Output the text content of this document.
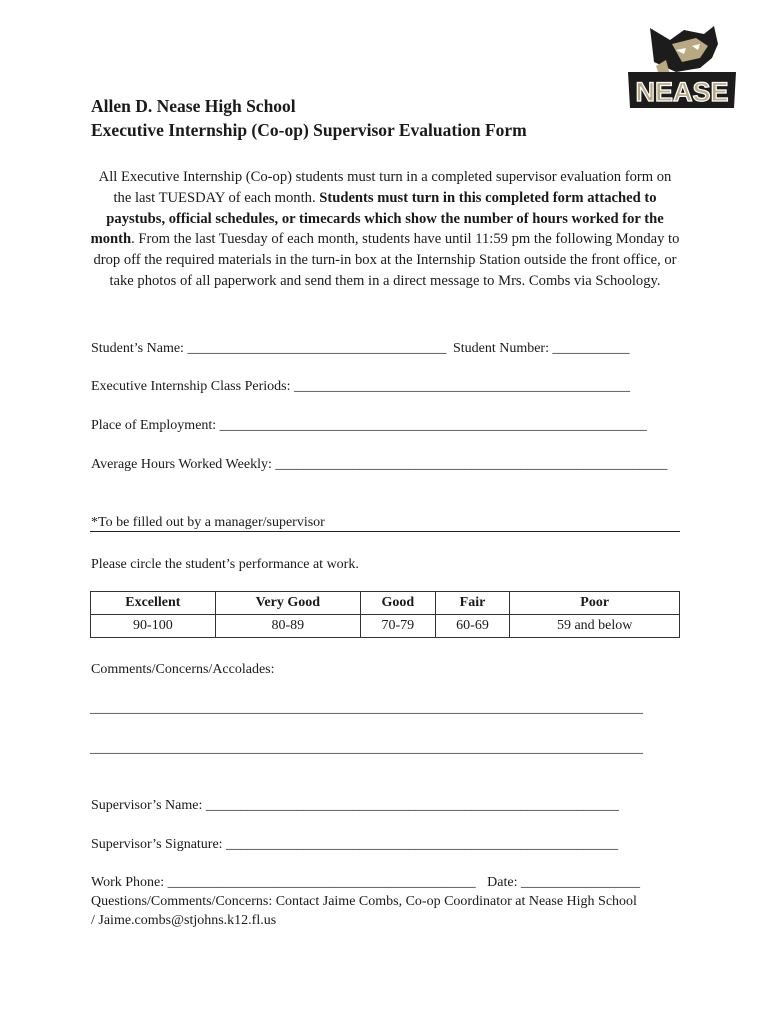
NEASE
Allen D. Nease High School
Executive Internship (Co-op) Supervisor Evaluation Form
All Executive Internship (Co-op) students must turn in a completed supervisor evaluation form on the last TUESDAY of each month. Students must turn in this completed form attached to paystubs, official schedules, or timecards which show the number of hours worked for the month. From the last Tuesday of each month, students have until 11:59 pm the following Monday to drop off the required materials in the turn-in box at the Internship Station outside the front office, or take photos of all paperwork and send them in a direct message to Mrs. Combs via Schoology.
Student’s Name: _____________________________________ Student Number: ___________
Executive Internship Class Periods: ________________________________________________
Place of Employment: _____________________________________________________________
Average Hours Worked Weekly: ________________________________________________________
*To be filled out by a manager/supervisor
Please circle the student’s performance at work.
Excellent	Very Good	Good	Fair	Poor
90-100	80-89	70-79	60-69	59 and below
Comments/Concerns/Accolades:
_______________________________________________________________________________
_______________________________________________________________________________
Supervisor’s Name: ___________________________________________________________
Supervisor’s Signature: ________________________________________________________
Work Phone: ____________________________________________ Date: _________________
Questions/Comments/Concerns: Contact Jaime Combs, Co-op Coordinator at Nease High School
/ Jaime.combs@stjohns.k12.fl.us
